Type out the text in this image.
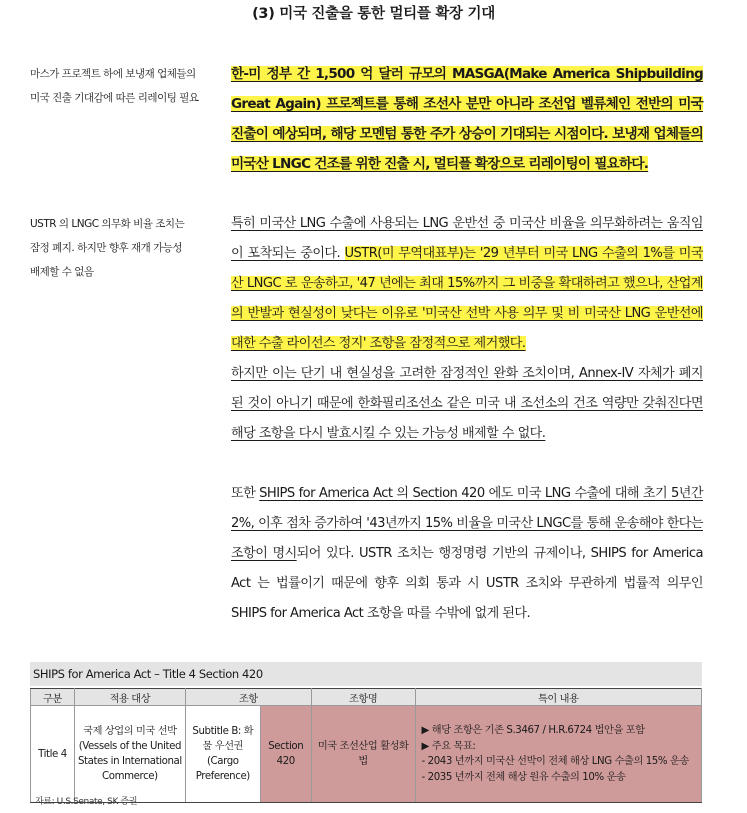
(3) 미국 진출을 통한 멀티플 확장 기대
마스가 프로젝트 하에 보냉재 업체들의
미국 진출 기대감에 따른 리레이팅 필요

한-미 정부 간 1,500 억 달러 규모의 MASGA(Make America Shipbuilding Great Again) 프로젝트를 통해 조선사 분만 아니라 조선업 벨류체인 전반의 미국 진출이 예상되며, 해당 모멘텀 통한 주가 상승이 기대되는 시점이다. 보냉재 업체들의 미국산 LNGC 건조를 위한 진출 시, 멀티플 확장으로 리레이팅이 필요하다.

USTR 의 LNGC 의무화 비율 조치는
잠정 폐지. 하지만 향후 재개 가능성
배제할 수 없음

특히 미국산 LNG 수출에 사용되는 LNG 운반선 중 미국산 비율을 의무화하려는 움직임이 포착되는 중이다. USTR(미 무역대표부)는 '29 년부터 미국 LNG 수출의 1%를 미국산 LNGC 로 운송하고, '47 년에는 최대 15%까지 그 비중을 확대하려고 했으나, 산업계의 반발과 현실성이 낮다는 이유로 '미국산 선박 사용 의무 및 비 미국산 LNG 운반선에 대한 수출 라이선스 정지' 조항을 잠정적으로 제거했다.
하지만 이는 단기 내 현실성을 고려한 잠정적인 완화 조치이며, Annex-IV 자체가 폐지된 것이 아니기 때문에 한화필리조선소 같은 미국 내 조선소의 건조 역량만 갖춰진다면 해당 조항을 다시 발효시킬 수 있는 가능성 배제할 수 없다.

또한 SHIPS for America Act 의 Section 420 에도 미국 LNG 수출에 대해 초기 5년간 2%, 이후 점차 증가하여 '43년까지 15% 비율을 미국산 LNGC를 통해 운송해야 한다는 조항이 명시되어 있다. USTR 조치는 행정명령 기반의 규제이나, SHIPS for America Act 는 법률이기 때문에 향후 의회 통과 시 USTR 조치와 무관하게 법률적 의무인 SHIPS for America Act 조항을 따를 수밖에 없게 된다.

SHIPS for America Act – Title 4 Section 420
구분	적용 대상	조항		조항명	특이 내용
Title 4	국제 상업의 미국 선박 (Vessels of the United States in International Commerce)	Subtitle B: 화물 우선권 (Cargo Preference)	Section 420	미국 조선산업 활성화법	▶ 해당 조항은 기존 S.3467 / H.R.6724 법안을 포함
▶ 주요 목표:
- 2043 년까지 미국산 선박이 전체 해상 LNG 수출의 15% 운송
- 2035 년까지 전체 해상 원유 수출의 10% 운송
자료: U.S.Senate, SK 증권
